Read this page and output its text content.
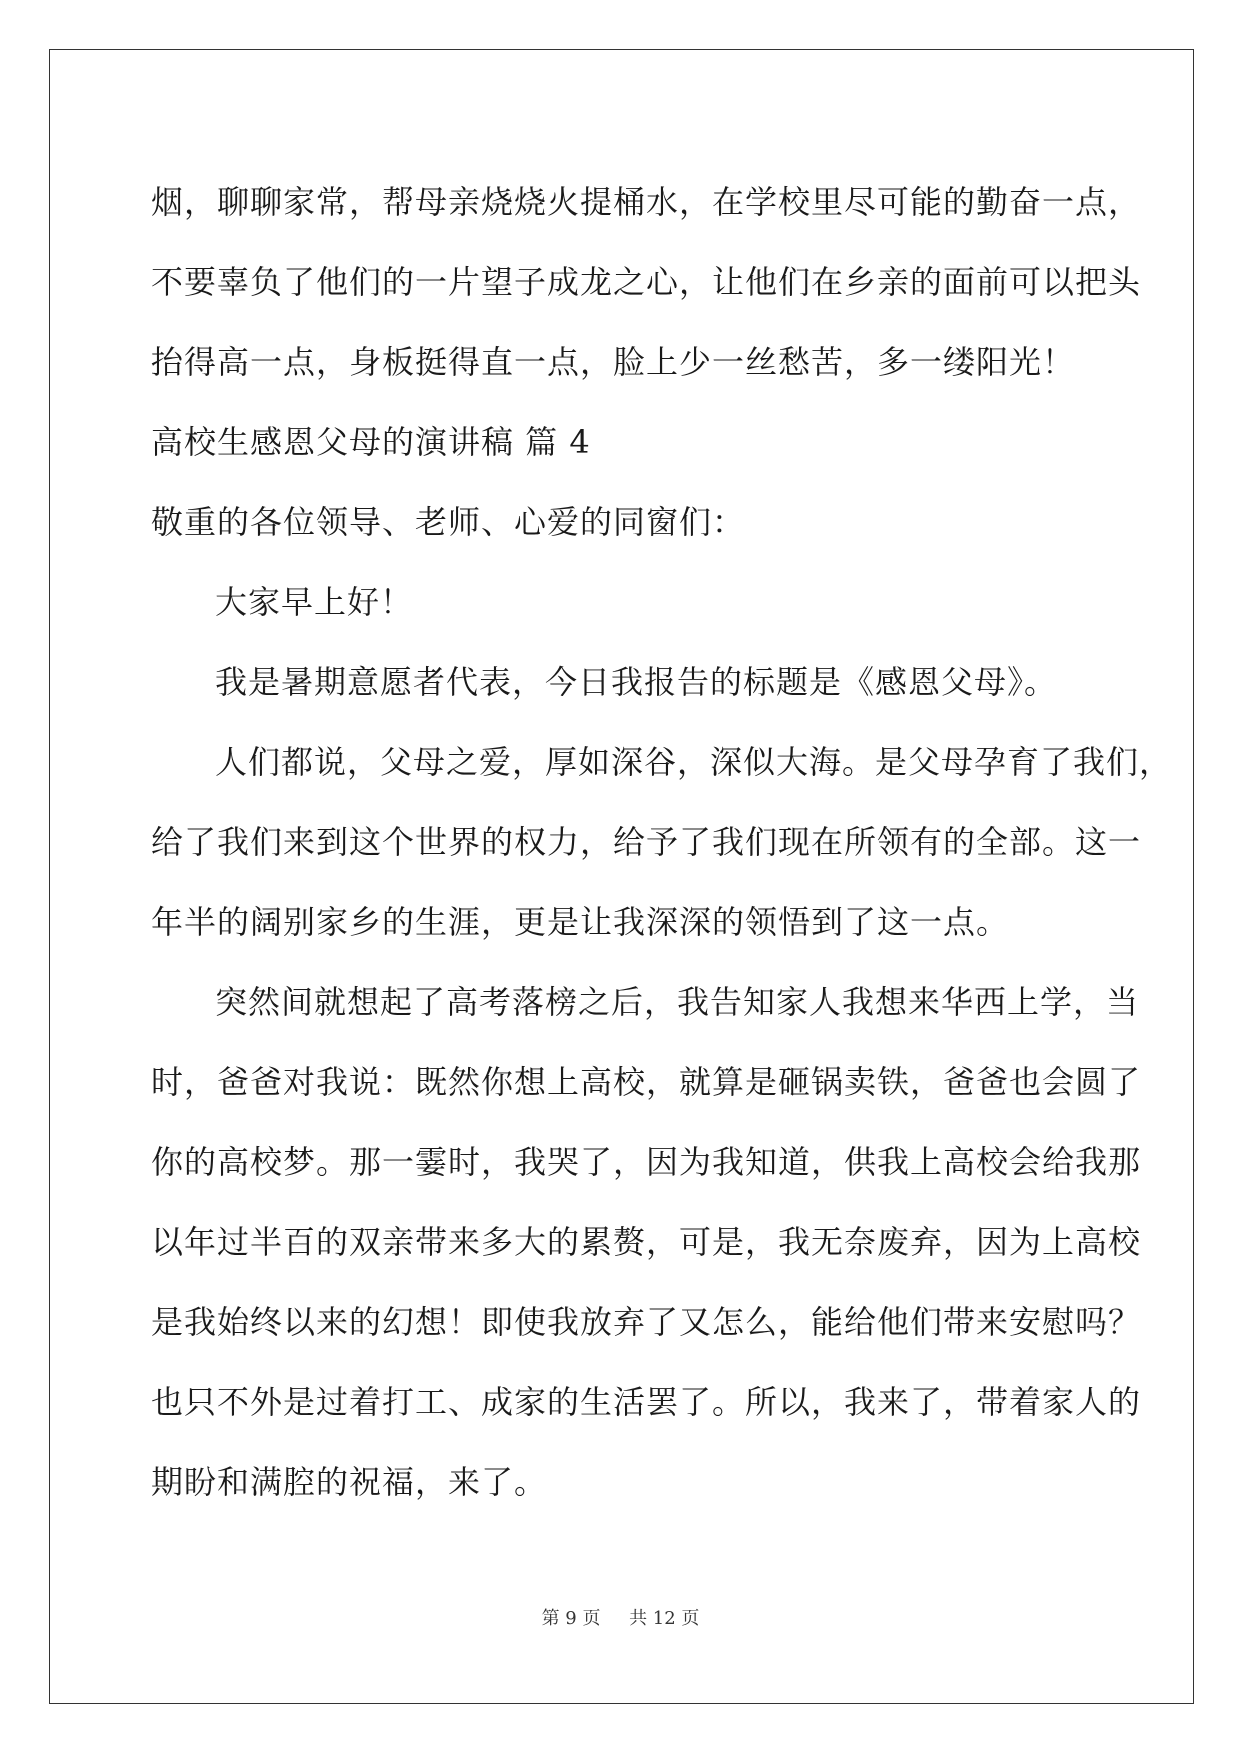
烟，聊聊家常，帮母亲烧烧火提桶水，在学校里尽可能的勤奋一点，
不要辜负了他们的一片望子成龙之心，让他们在乡亲的面前可以把头
抬得高一点，身板挺得直一点，脸上少一丝愁苦，多一缕阳光！
高校生感恩父母的演讲稿 篇 4
敬重的各位领导、老师、心爱的同窗们：
大家早上好！
我是暑期意愿者代表，今日我报告的标题是《感恩父母》。
人们都说，父母之爱，厚如深谷，深似大海。是父母孕育了我们，
给了我们来到这个世界的权力，给予了我们现在所领有的全部。这一
年半的阔别家乡的生涯，更是让我深深的领悟到了这一点。
突然间就想起了高考落榜之后，我告知家人我想来华西上学，当
时，爸爸对我说：既然你想上高校，就算是砸锅卖铁，爸爸也会圆了
你的高校梦。那一霎时，我哭了，因为我知道，供我上高校会给我那
以年过半百的双亲带来多大的累赘，可是，我无奈废弃，因为上高校
是我始终以来的幻想！即使我放弃了又怎么，能给他们带来安慰吗？
也只不外是过着打工、成家的生活罢了。所以，我来了，带着家人的
期盼和满腔的祝福，来了。
第 9 页 共 12 页
